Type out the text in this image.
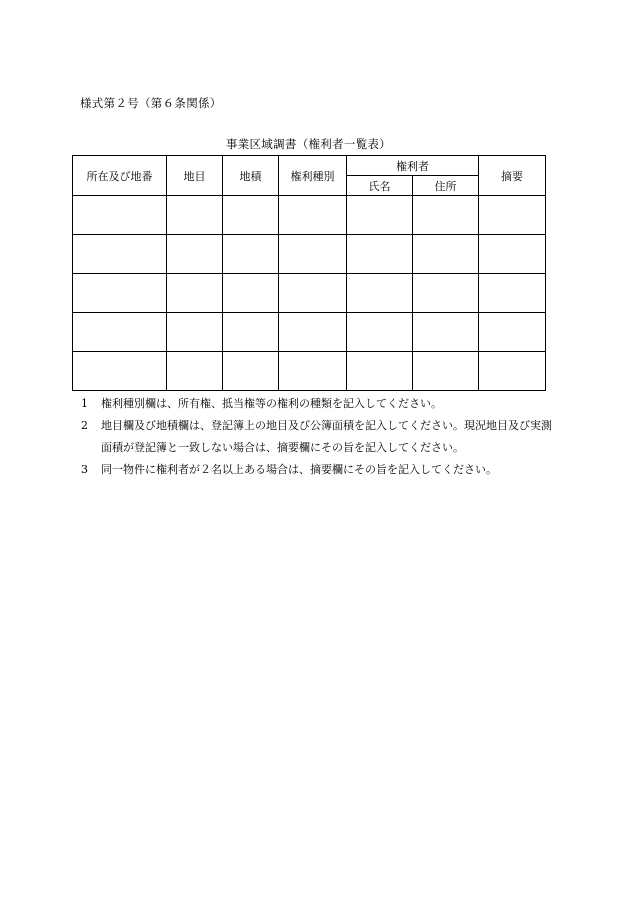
様式第２号（第６条関係）
事業区域調書（権利者一覧表）
所在及び地番	地目	地積	権利種別	権利者		摘要
				氏名	住所	

1 権利種別欄は、所有権、抵当権等の権利の種類を記入してください。
2 地目欄及び地積欄は、登記簿上の地目及び公簿面積を記入してください。現況地目及び実測面積が登記簿と一致しない場合は、摘要欄にその旨を記入してください。
3 同一物件に権利者が２名以上ある場合は、摘要欄にその旨を記入してください。
